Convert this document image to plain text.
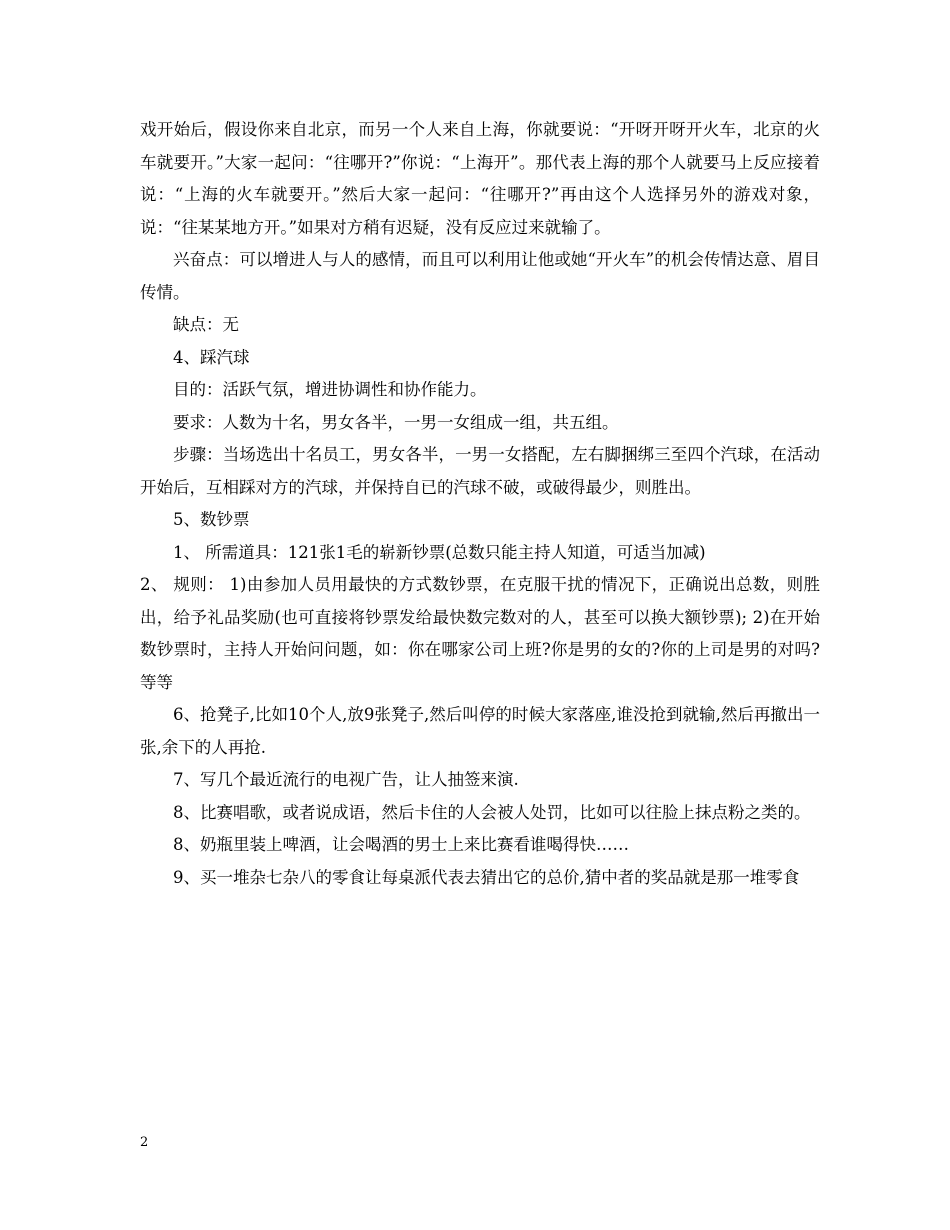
戏开始后，假设你来自北京，而另一个人来自上海，你就要说：“开呀开呀开火车，北京的火车就要开。”大家一起问：“往哪开?”你说：“上海开”。那代表上海的那个人就要马上反应接着说：“上海的火车就要开。”然后大家一起问：“往哪开?”再由这个人选择另外的游戏对象，说：“往某某地方开。”如果对方稍有迟疑，没有反应过来就输了。

兴奋点：可以增进人与人的感情，而且可以利用让他或她“开火车”的机会传情达意、眉目传情。

缺点：无

4、踩汽球

目的：活跃气氛，增进协调性和协作能力。

要求：人数为十名，男女各半，一男一女组成一组，共五组。

步骤：当场选出十名员工，男女各半，一男一女搭配，左右脚捆绑三至四个汽球，在活动开始后，互相踩对方的汽球，并保持自已的汽球不破，或破得最少，则胜出。

5、数钞票

1、 所需道具：121张1毛的崭新钞票(总数只能主持人知道，可适当加减)

2、 规则： 1)由参加人员用最快的方式数钞票，在克服干扰的情况下，正确说出总数，则胜出，给予礼品奖励(也可直接将钞票发给最快数完数对的人，甚至可以换大额钞票); 2)在开始数钞票时，主持人开始问问题，如：你在哪家公司上班?你是男的女的?你的上司是男的对吗?等等

6、抢凳子,比如10个人,放9张凳子,然后叫停的时候大家落座,谁没抢到就输,然后再撤出一张,余下的人再抢.

7、写几个最近流行的电视广告，让人抽签来演.

8、比赛唱歌，或者说成语，然后卡住的人会被人处罚，比如可以往脸上抹点粉之类的。

8、奶瓶里装上啤酒，让会喝酒的男士上来比赛看谁喝得快……

9、买一堆杂七杂八的零食让每桌派代表去猜出它的总价,猜中者的奖品就是那一堆零食

2
